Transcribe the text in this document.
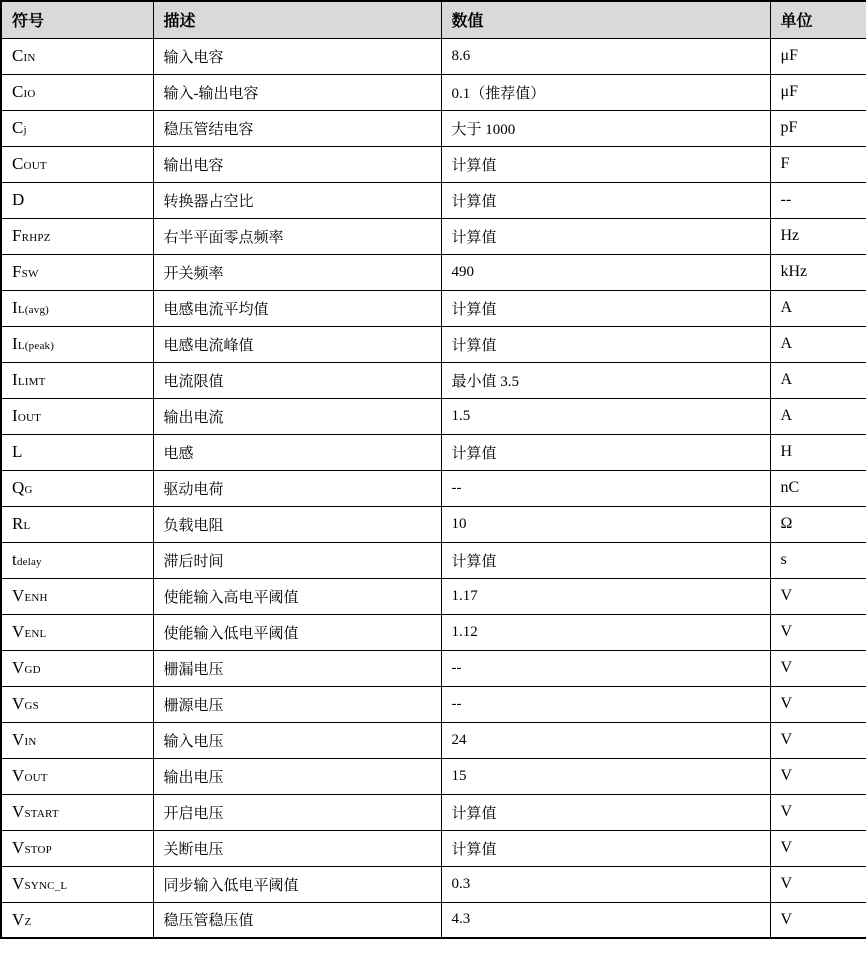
符号	描述	数值	单位
CIN	输入电容	8.6	μF
CIO	输入-输出电容	0.1（推荐值）	μF
Cj	稳压管结电容	大于 1000	pF
COUT	输出电容	计算值	F
D	转换器占空比	计算值	--
FRHPZ	右半平面零点频率	计算值	Hz
FSW	开关频率	490	kHz
IL(avg)	电感电流平均值	计算值	A
IL(peak)	电感电流峰值	计算值	A
ILIMT	电流限值	最小值 3.5	A
IOUT	输出电流	1.5	A
L	电感	计算值	H
QG	驱动电荷	--	nC
RL	负载电阻	10	Ω
tdelay	滞后时间	计算值	s
VENH	使能输入高电平阈值	1.17	V
VENL	使能输入低电平阈值	1.12	V
VGD	栅漏电压	--	V
VGS	栅源电压	--	V
VIN	输入电压	24	V
VOUT	输出电压	15	V
VSTART	开启电压	计算值	V
VSTOP	关断电压	计算值	V
VSYNC_L	同步输入低电平阈值	0.3	V
VZ	稳压管稳压值	4.3	V
